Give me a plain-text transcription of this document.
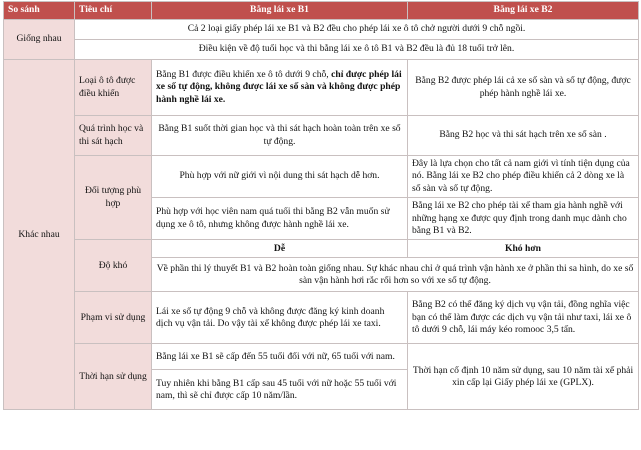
So sánh	Tiêu chí	Bằng lái xe B1	Bằng lái xe B2
Giống nhau	Cả 2 loại giấy phép lái xe B1 và B2 đều cho phép lái xe ô tô chở người dưới 9 chỗ ngồi.		
	Điều kiện về độ tuổi học và thi bằng lái xe ô tô B1 và B2 đều là đủ 18 tuổi trở lên.		
Khác nhau	Loại ô tô được điều khiển	Bằng B1 được điều khiển xe ô tô dưới 9 chỗ, chỉ được phép lái xe số tự động, không được lái xe số sàn và không được phép hành nghề lái xe.	Bằng B2 được phép lái cả xe số sàn và số tự động, được phép hành nghề lái xe.
	Quá trình học và thi sát hạch	Bằng B1 suốt thời gian học và thi sát hạch hoàn toàn trên xe số tự động.	Bằng B2 học và thi sát hạch trên xe số sàn .
	Đối tượng phù hợp	Phù hợp với nữ giới vì nội dung thi sát hạch dễ hơn.	Đây là lựa chọn cho tất cả nam giới vì tính tiện dụng của nó. Bằng lái xe B2 cho phép điều khiển cả 2 dòng xe là số sàn và số tự động.
		Phù hợp với học viên nam quá tuổi thi bằng B2 vẫn muốn sử dụng xe ô tô, nhưng không được hành nghề lái xe.	Bằng lái xe B2 cho phép tài xế tham gia hành nghề với những hạng xe được quy định trong danh mục dành cho bằng B1 và B2.
	Độ khó	Dễ	Khó hơn
		Về phần thi lý thuyết B1 và B2 hoàn toàn giống nhau. Sự khác nhau chỉ ở quá trình vận hành xe ở phần thi sa hình, do xe số sàn vận hành hơi rắc rối hơn so với xe số tự động.	
	Phạm vi sử dụng	Lái xe số tự động 9 chỗ và không được đăng ký kinh doanh dịch vụ vận tải. Do vậy tài xế không được phép lái xe taxi.	Bằng B2 có thể đăng ký dịch vụ vận tải, đồng nghĩa việc bạn có thể làm được các dịch vụ vận tải như taxi, lái xe ô tô dưới 9 chỗ, lái máy kéo romooc 3,5 tấn.
	Thời hạn sử dụng	Bằng lái xe B1 sẽ cấp đến 55 tuổi đối với nữ, 65 tuổi với nam.	Thời hạn cố định 10 năm sử dụng, sau 10 năm tài xế phải xin cấp lại Giấy phép lái xe (GPLX).
		Tuy nhiên khi bằng B1 cấp sau 45 tuổi với nữ hoặc 55 tuổi với nam, thì sẽ chỉ được cấp 10 năm/lần.	
